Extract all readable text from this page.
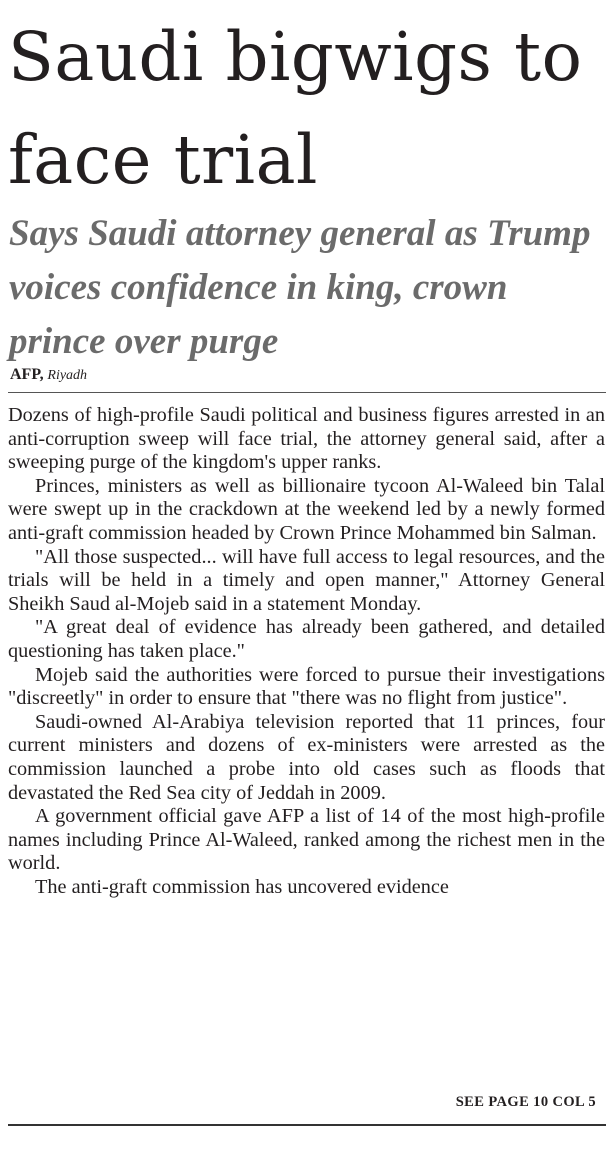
Saudi bigwigs to face trial
Says Saudi attorney general as Trump voices confidence in king, crown prince over purge
AFP, Riyadh

Dozens of high-profile Saudi political and business figures arrested in an anti-corruption sweep will face trial, the attorney general said, after a sweeping purge of the kingdom's upper ranks.

Princes, ministers as well as billionaire tycoon Al-Waleed bin Talal were swept up in the crackdown at the weekend led by a newly formed anti-graft commission headed by Crown Prince Mohammed bin Salman.

"All those suspected... will have full access to legal resources, and the trials will be held in a timely and open manner," Attorney General Sheikh Saud al-Mojeb said in a statement Monday.

"A great deal of evidence has already been gathered, and detailed questioning has taken place."

Mojeb said the authorities were forced to pursue their investigations "discreetly" in order to ensure that "there was no flight from justice".

Saudi-owned Al-Arabiya television reported that 11 princes, four current ministers and dozens of ex-ministers were arrested as the commission launched a probe into old cases such as floods that devastated the Red Sea city of Jeddah in 2009.

A government official gave AFP a list of 14 of the most high-profile names including Prince Al-Waleed, ranked among the richest men in the world.

The anti-graft commission has uncovered evidence

SEE PAGE 10 COL 5
